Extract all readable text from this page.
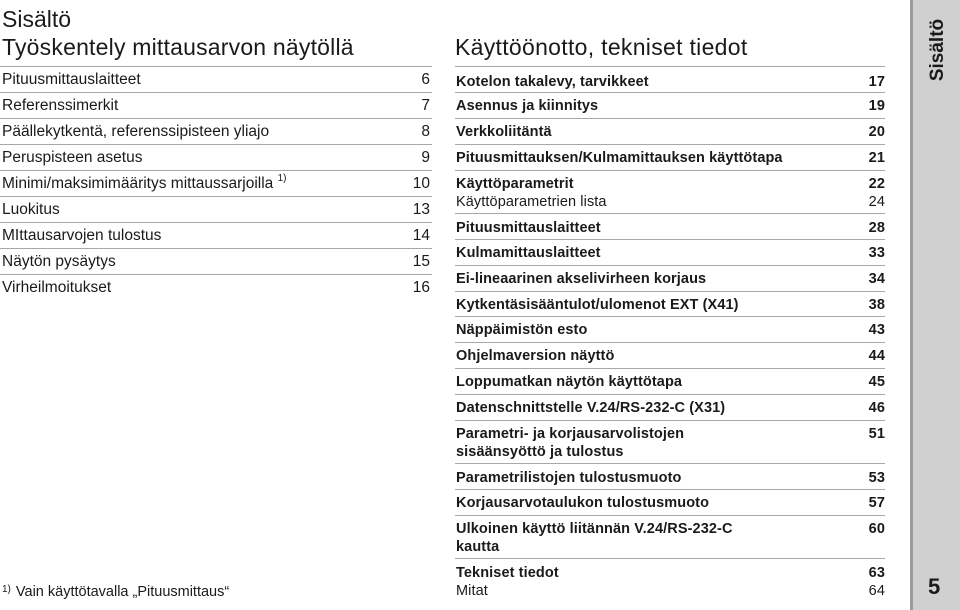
Sisältö
Työskentely mittausarvon näytöllä
Pituusmittauslaitteet	6
Referenssimerkit	7
Päällekytkentä, referenssipisteen yliajo	8
Peruspisteen asetus	9
Minimi/maksimimääritys mittaussarjoilla $^{1)}$	10
Luokitus	13
MIttausarvojen tulostus	14
Näytön pysäytys	15
Virheilmoitukset	16
$^{1)}$ Vain käyttötavalla „Pituusmittaus“
Käyttöönotto, tekniset tiedot
Kotelon takalevy, tarvikkeet	17
Asennus ja kiinnitys	19
Verkkoliitäntä	20
Pituusmittauksen/Kulmamittauksen käyttötapa	21
Käyttöparametrit	22
Käyttöparametrien lista	24
Pituusmittauslaitteet	28
Kulmamittauslaitteet	33
Ei-lineaarinen akselivirheen korjaus	34
Kytkentäsisääntulot/ulomenot EXT (X41)	38
Näppäimistön esto	43
Ohjelmaversion näyttö	44
Loppumatkan näytön käyttötapa	45
Datenschnittstelle V.24/RS-232-C (X31)	46
Parametri- ja korjausarvolistojen	51
sisäänsyöttö ja tulostus
Parametrilistojen tulostusmuoto	53
Korjausarvotaulukon tulostusmuoto	57
Ulkoinen käyttö liitännän V.24/RS-232-C	60
kautta
Tekniset tiedot	63
Mitat	64
Sisältö
5
